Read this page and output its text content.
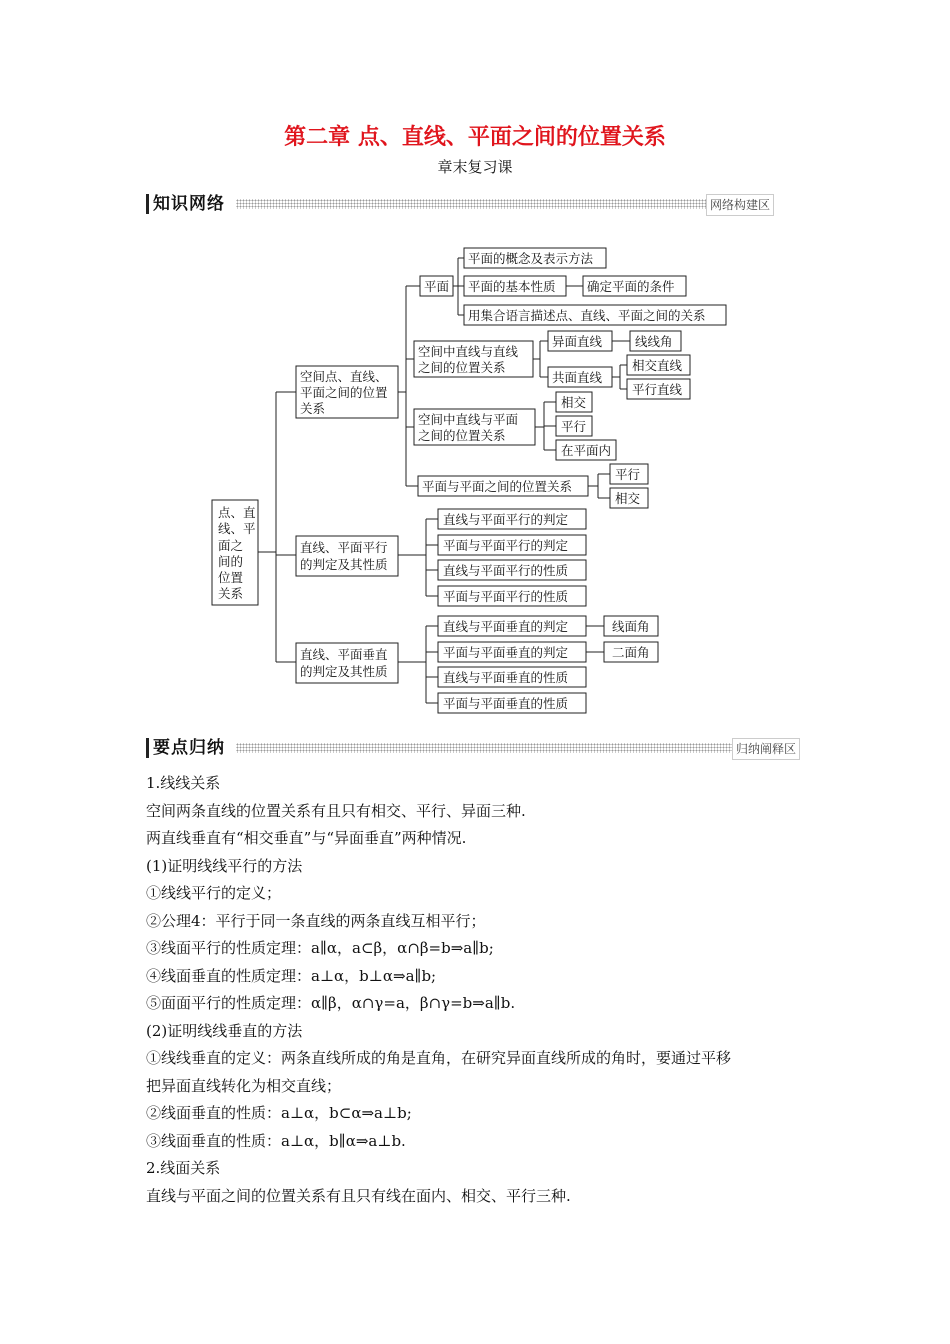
第二章 点、直线、平面之间的位置关系
章末复习课
知识网络	网络构建区
点、直
线、平
面之
间的
位置
关系
空间点、直线、
平面之间的位置
关系
直线、平面平行
的判定及其性质
直线、平面垂直
的判定及其性质
平面
平面的概念及表示方法
平面的基本性质	确定平面的条件
用集合语言描述点、直线、平面之间的关系
空间中直线与直线
之间的位置关系
异面直线	线线角
共面直线
相交直线
平行直线
空间中直线与平面
之间的位置关系
相交
平行
在平面内
平面与平面之间的位置关系
平行
相交
直线与平面平行的判定
平面与平面平行的判定
直线与平面平行的性质
平面与平面平行的性质
直线与平面垂直的判定
平面与平面垂直的判定
直线与平面垂直的性质
平面与平面垂直的性质
线面角
二面角
要点归纳	归纳阐释区

1.线线关系

空间两条直线的位置关系有且只有相交、平行、异面三种.

两直线垂直有“相交垂直”与“异面垂直”两种情况.

(1)证明线线平行的方法

①线线平行的定义；

②公理4：平行于同一条直线的两条直线互相平行；

③线面平行的性质定理：a∥α，a⊂β，α∩β=b⇒a∥b;

④线面垂直的性质定理：a⊥α，b⊥α⇒a∥b;

⑤面面平行的性质定理：α∥β，α∩γ=a，β∩γ=b⇒a∥b.

(2)证明线线垂直的方法

①线线垂直的定义：两条直线所成的角是直角，在研究异面直线所成的角时，要通过平移

把异面直线转化为相交直线；

②线面垂直的性质：a⊥α，b⊂α⇒a⊥b;

③线面垂直的性质：a⊥α，b∥α⇒a⊥b.

2.线面关系

直线与平面之间的位置关系有且只有线在面内、相交、平行三种.
